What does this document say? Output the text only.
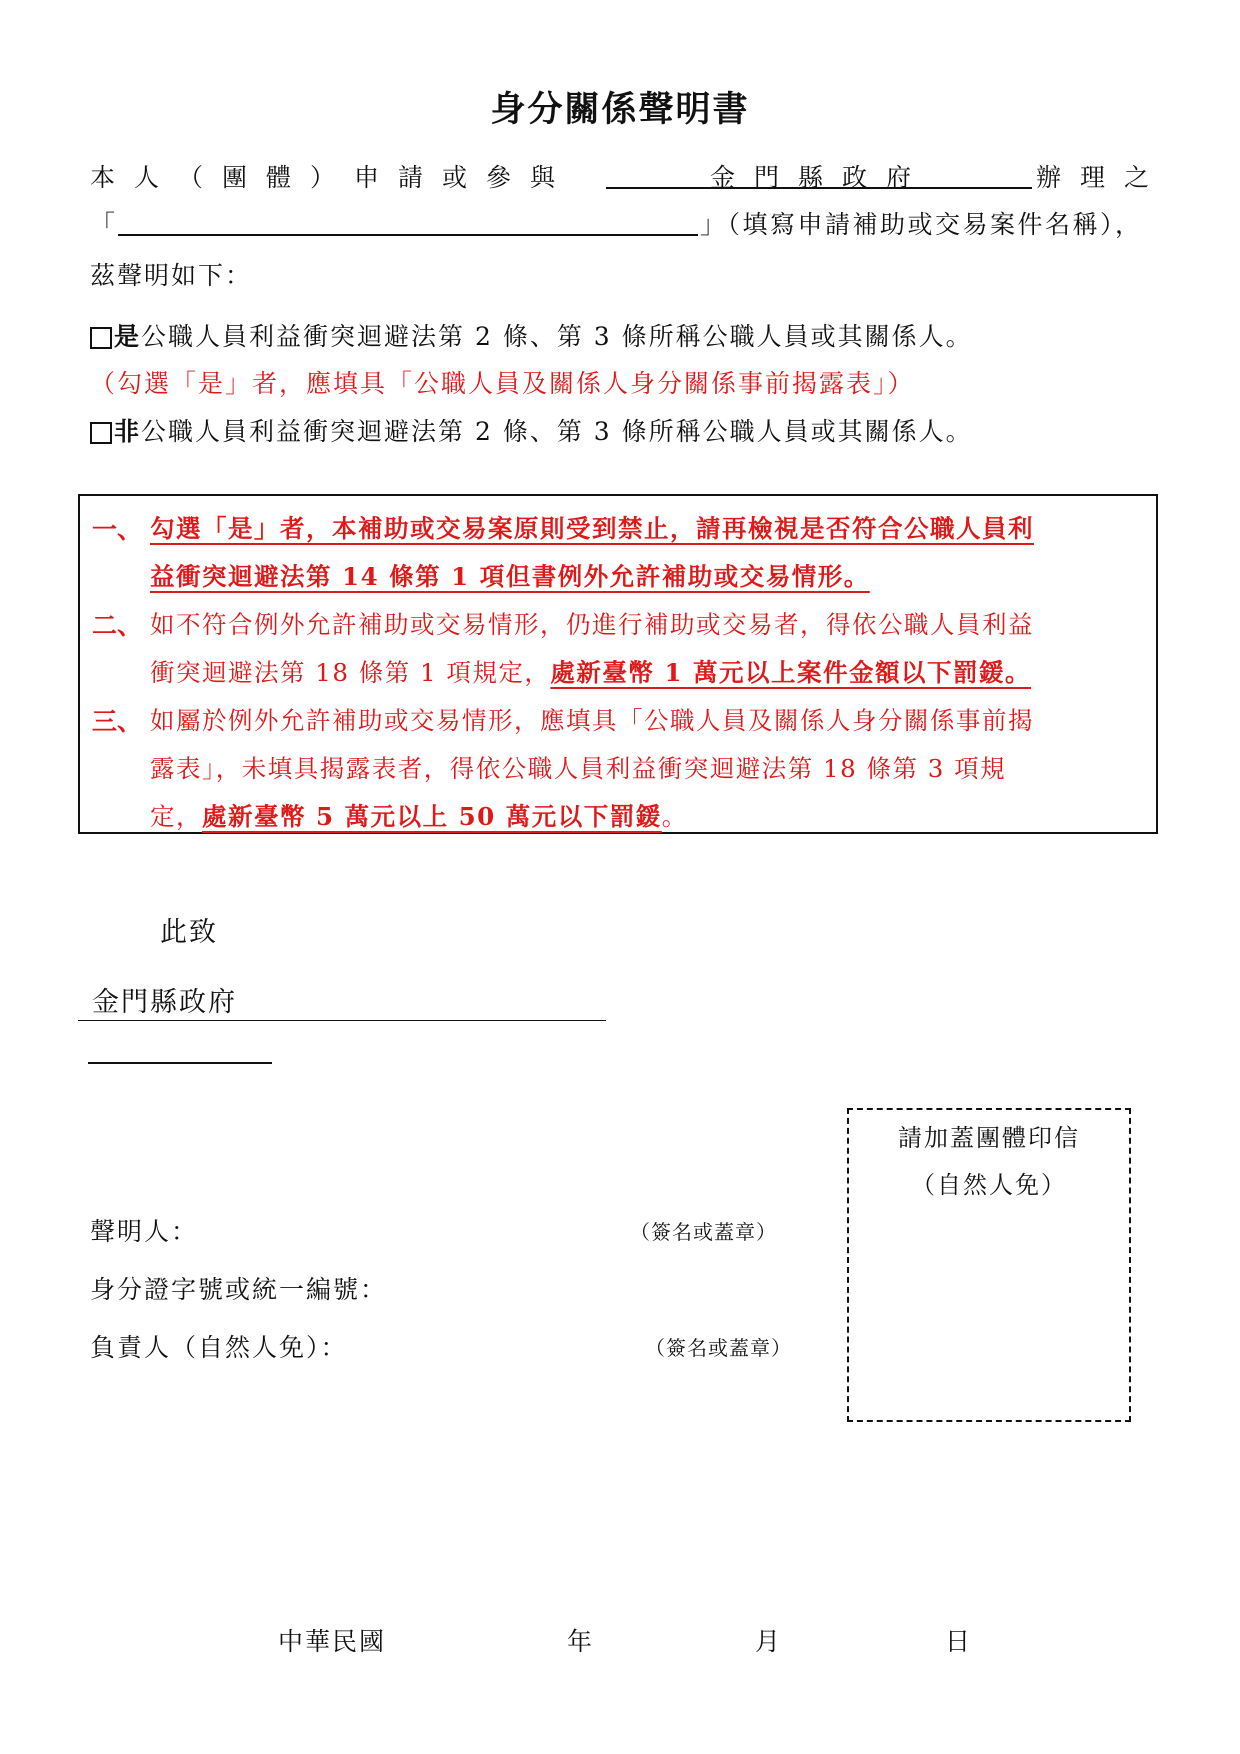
身分關係聲明書
本人（團體）申請或參與	金門縣政府	辦理之
「	」（填寫申請補助或交易案件名稱），
茲聲明如下：
是公職人員利益衝突迴避法第 2 條、第 3 條所稱公職人員或其關係人。
（勾選「是」者，應填具「公職人員及關係人身分關係事前揭露表」）
非公職人員利益衝突迴避法第 2 條、第 3 條所稱公職人員或其關係人。
一、 勾選「是」者，本補助或交易案原則受到禁止，請再檢視是否符合公職人員利
益衝突迴避法第 14 條第 1 項但書例外允許補助或交易情形。
二、 如不符合例外允許補助或交易情形，仍進行補助或交易者，得依公職人員利益
衝突迴避法第 18 條第 1 項規定，處新臺幣 1 萬元以上案件金額以下罰鍰。
三、 如屬於例外允許補助或交易情形，應填具「公職人員及關係人身分關係事前揭
露表」，未填具揭露表者，得依公職人員利益衝突迴避法第 18 條第 3 項規
定，處新臺幣 5 萬元以上 50 萬元以下罰鍰。
此致
金門縣政府
請加蓋團體印信
（自然人免）
聲明人：	（簽名或蓋章）
身分證字號或統一編號：
負責人（自然人免）：	（簽名或蓋章）
中華民國	年	月	日
